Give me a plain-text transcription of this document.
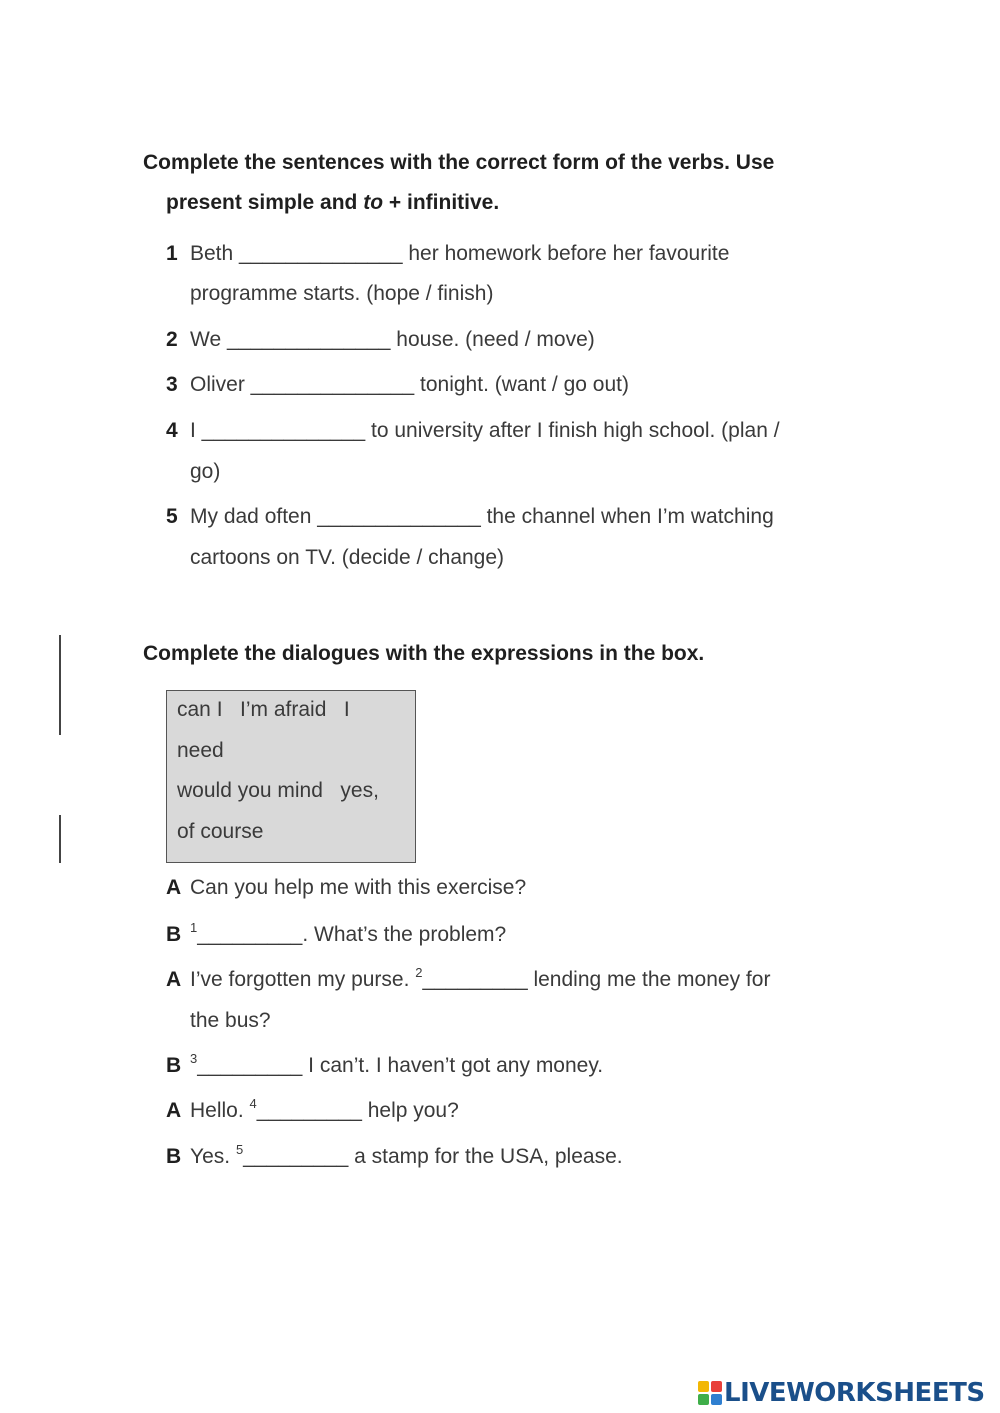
Complete the sentences with the correct form of the verbs. Use
present simple and to + infinitive.
1 Beth ______________ her homework before her favourite
programme starts. (hope / finish)
2 We ______________ house. (need / move)
3 Oliver ______________ tonight. (want / go out)
4 I ______________ to university after I finish high school. (plan /
go)
5 My dad often ______________ the channel when I’m watching
cartoons on TV. (decide / change)
Complete the dialogues with the expressions in the box.
can I   I’m afraid   I
need
would you mind   yes,
of course
A Can you help me with this exercise?
B $^1$_________. What’s the problem?
A I’ve forgotten my purse. $^2$_________ lending me the money for
the bus?
B $^3$_________ I can’t. I haven’t got any money.
A Hello. $^4$_________ help you?
B Yes. $^5$_________ a stamp for the USA, please.
LIVEWORKSHEETS
